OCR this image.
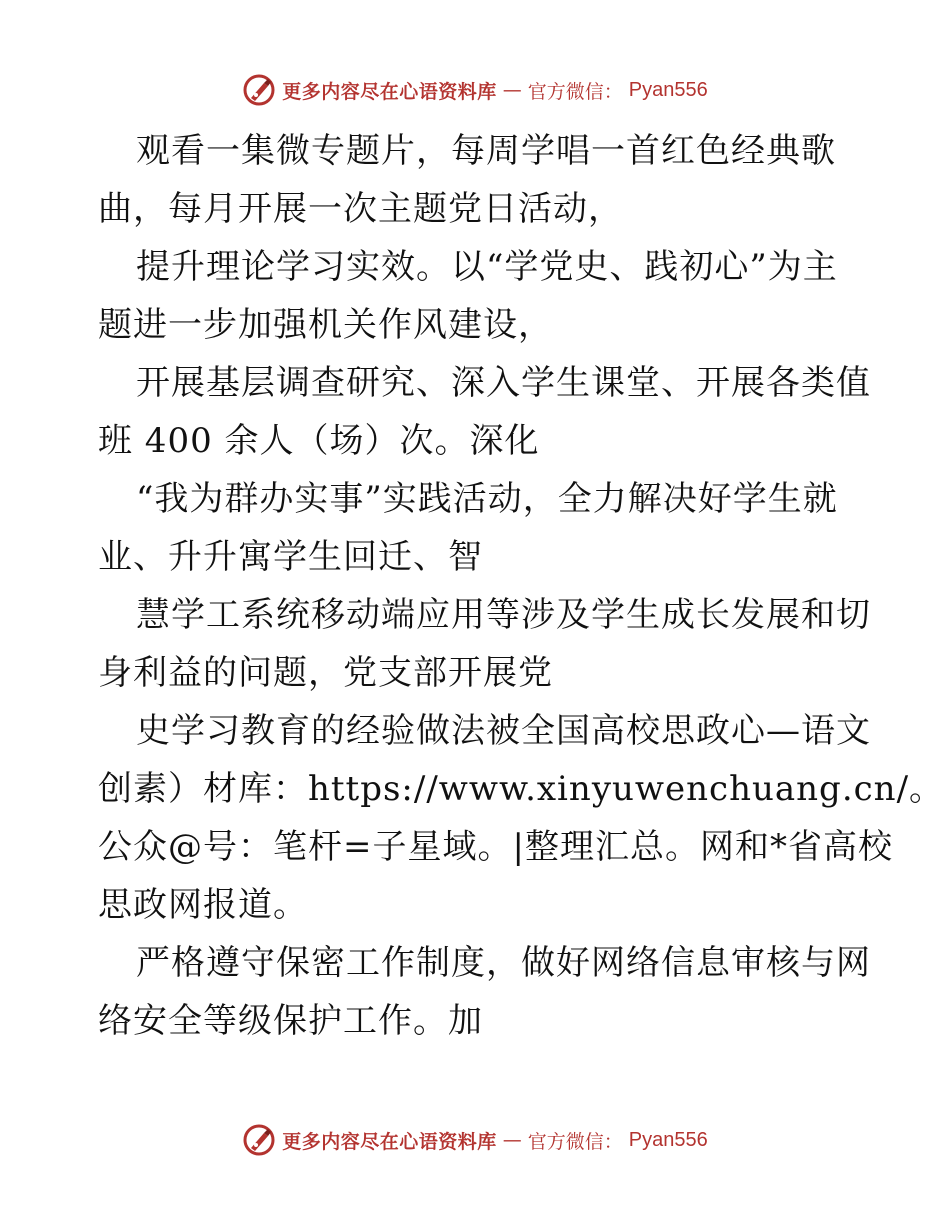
更多内容尽在心语资料库 — 官方微信： Pyan556
观看一集微专题片，每周学唱一首红色经典歌
曲，每月开展一次主题党日活动，
提升理论学习实效。以“学党史、践初心”为主
题进一步加强机关作风建设，
开展基层调查研究、深入学生课堂、开展各类值
班 400 余人（场）次。深化
“我为群办实事”实践活动，全力解决好学生就
业、升升寓学生回迁、智
慧学工系统移动端应用等涉及学生成长发展和切
身利益的问题，党支部开展党
史学习教育的经验做法被全国高校思政心—语文
创素）材库：https://www.xinyuwenchuang.cn/。
公众@号：笔杆=子星域。|整理汇总。网和*省高校
思政网报道。
严格遵守保密工作制度，做好网络信息审核与网
络安全等级保护工作。加
更多内容尽在心语资料库 — 官方微信： Pyan556
